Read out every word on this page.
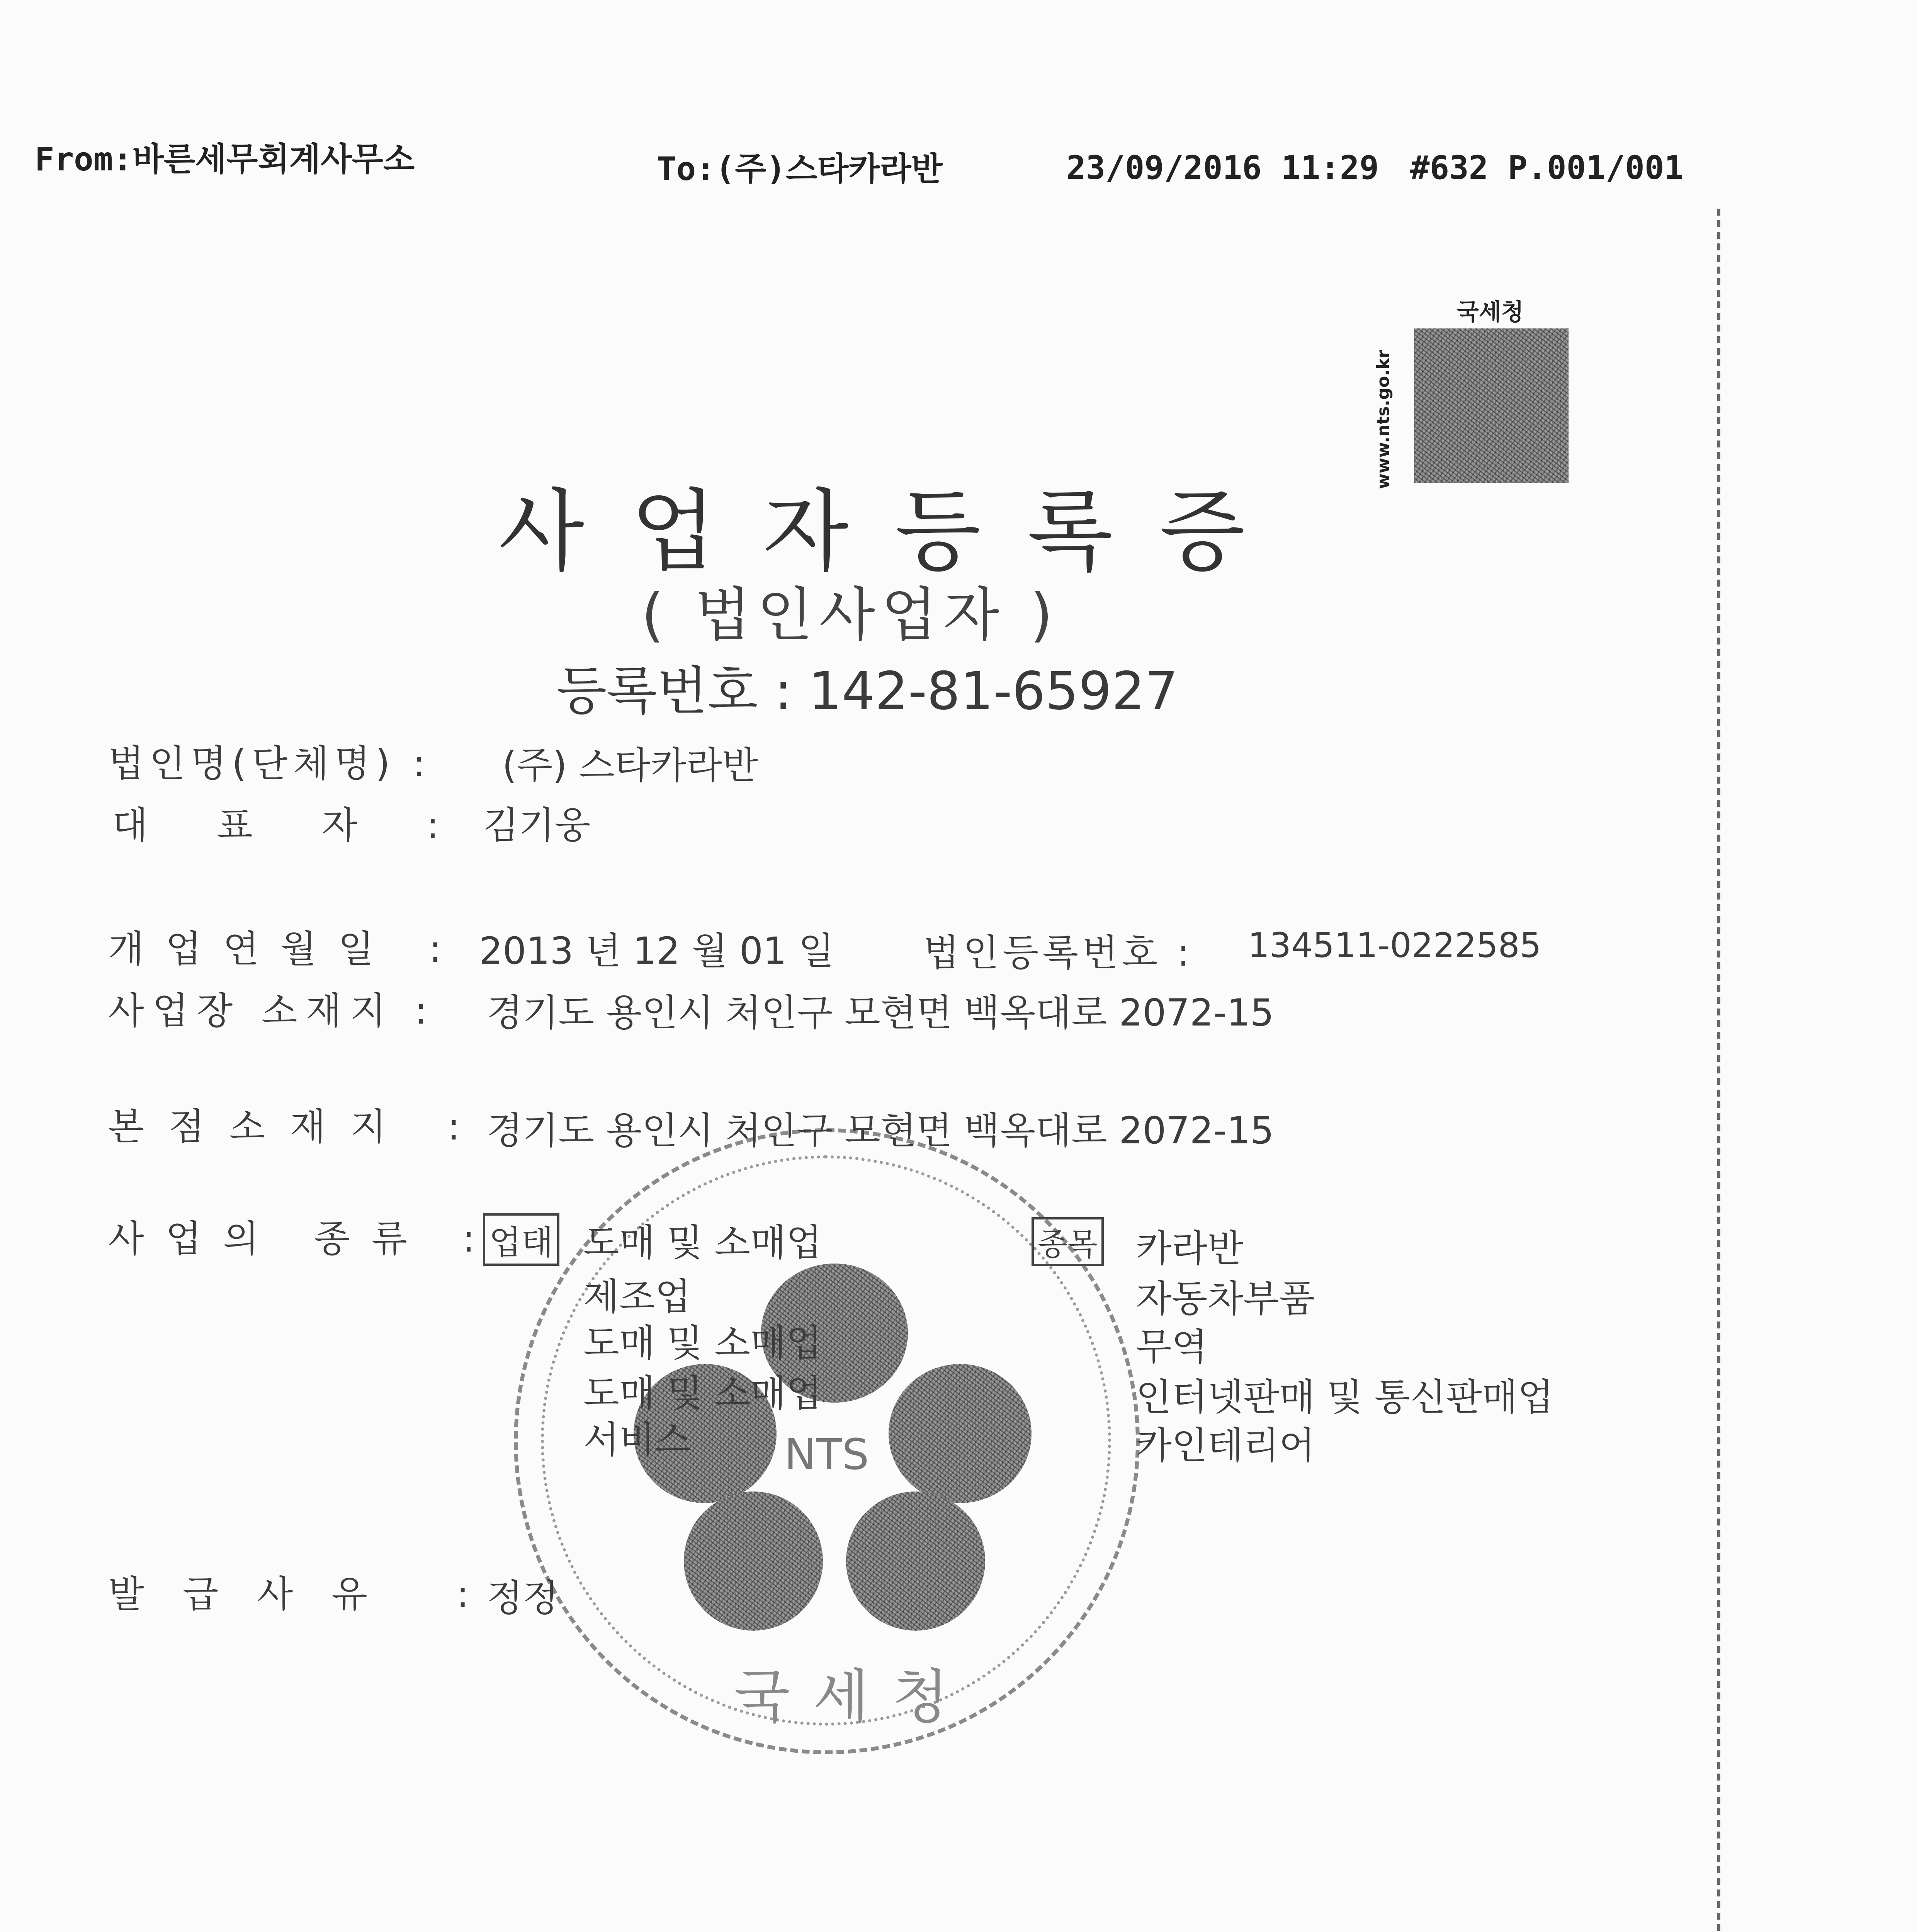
From:바른세무회계사무소	To:(주)스타카라반	23/09/2016 11:29 #632 P.001/001
국세청
www.nts.go.kr
사업자등록증
( 법인사업자 )
등록번호 : 142-81-65927
NTS
국세청
법인명(단체명) : (주) 스타카라반
대 표 자 : 김기웅
개업연월일 : 2013 년 12 월 01 일 법인등록번호 : 134511-0222585
사업장 소재지 : 경기도 용인시 처인구 모현면 백옥대로 2072-15
본점소재지 : 경기도 용인시 처인구 모현면 백옥대로 2072-15
사업의 종류 :
업태 도매 및 소매업
제조업
도매 및 소매업
도매 및 소매업
서비스
종목 카라반
자동차부품
무역
인터넷판매 및 통신판매업
카인테리어
발급사유 :
정정
